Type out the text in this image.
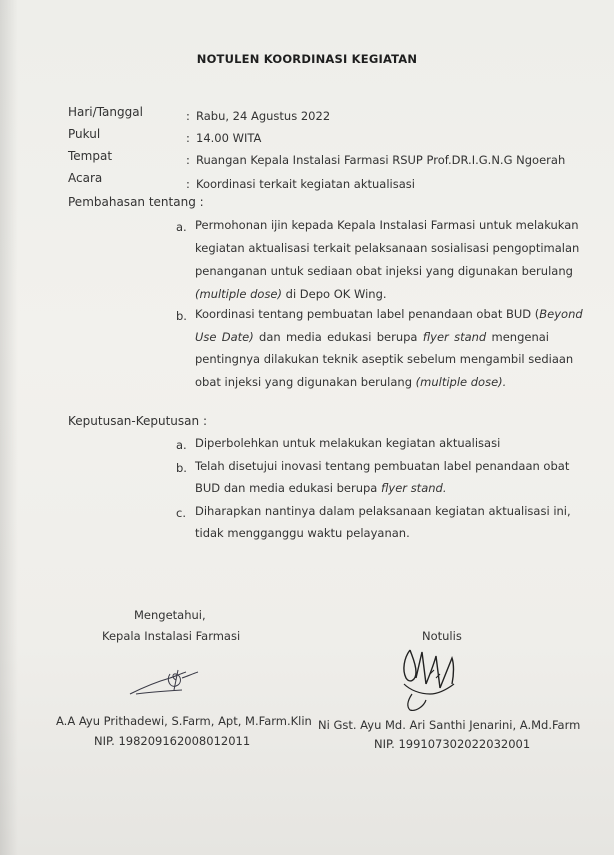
NOTULEN KOORDINASI KEGIATAN
Hari/Tanggal	: Rabu, 24 Agustus 2022
Pukul	: 14.00 WITA
Tempat	: Ruangan Kepala Instalasi Farmasi RSUP Prof.DR.I.G.N.G Ngoerah
Acara	: Koordinasi terkait kegiatan aktualisasi
Pembahasan tentang :
a. Permohonan ijin kepada Kepala Instalasi Farmasi untuk melakukan
kegiatan aktualisasi terkait pelaksanaan sosialisasi pengoptimalan
penanganan untuk sediaan obat injeksi yang digunakan berulang
(multiple dose) di Depo OK Wing.
b. Koordinasi tentang pembuatan label penandaan obat BUD (Beyond
Use Date) dan media edukasi berupa flyer stand mengenai
pentingnya dilakukan teknik aseptik sebelum mengambil sediaan
obat injeksi yang digunakan berulang (multiple dose).
Keputusan-Keputusan :
a. Diperbolehkan untuk melakukan kegiatan aktualisasi
b. Telah disetujui inovasi tentang pembuatan label penandaan obat
BUD dan media edukasi berupa flyer stand.
c. Diharapkan nantinya dalam pelaksanaan kegiatan aktualisasi ini,
tidak mengganggu waktu pelayanan.
Mengetahui,
Kepala Instalasi Farmasi	Notulis
A.A Ayu Prithadewi, S.Farm, Apt, M.Farm.Klin
NIP. 198209162008012011
Ni Gst. Ayu Md. Ari Santhi Jenarini, A.Md.Farm
NIP. 199107302022032001
